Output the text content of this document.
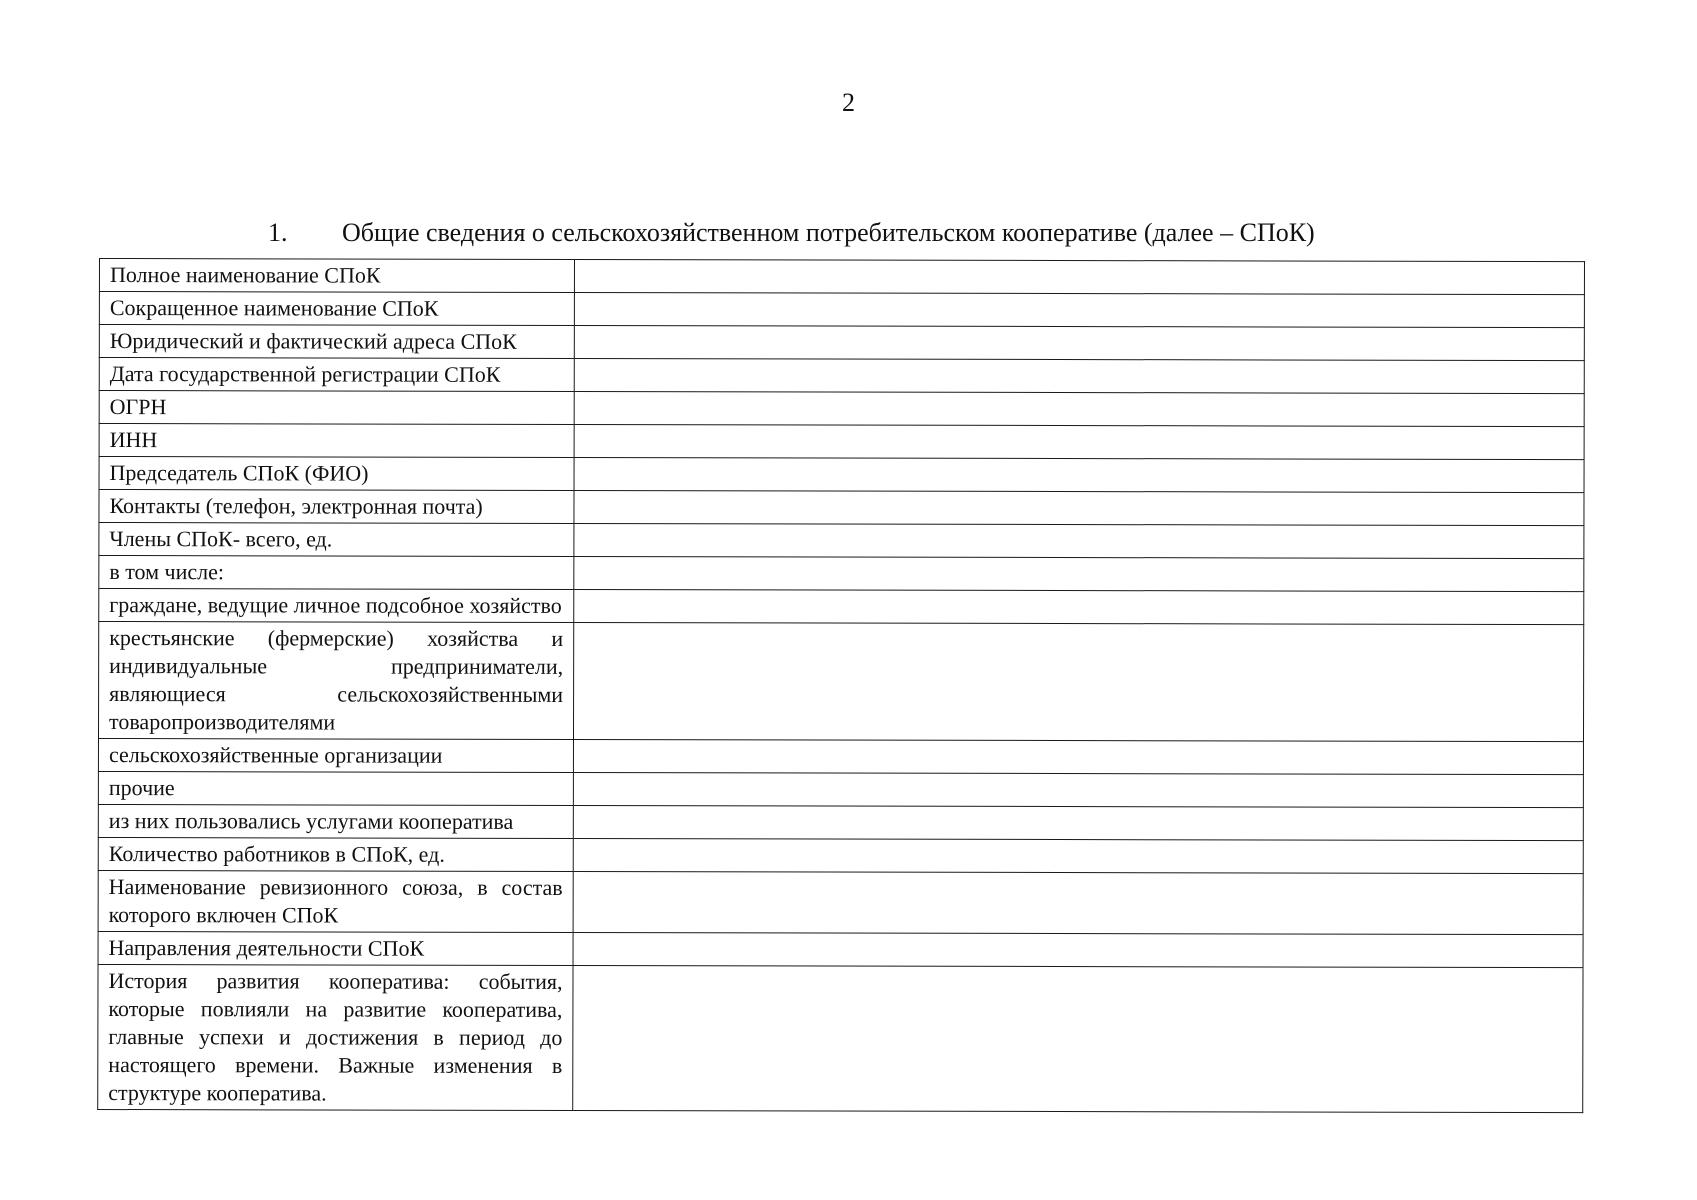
2
1. Общие сведения о сельскохозяйственном потребительском кооперативе (далее – СПоК)
Полное наименование СПоК	
Сокращенное наименование СПоК	
Юридический и фактический адреса СПоК	
Дата государственной регистрации СПоК	
ОГРН	
ИНН	
Председатель СПоК (ФИО)	
Контакты (телефон, электронная почта)	
Члены СПоК- всего, ед.	
в том числе:	
граждане, ведущие личное подсобное хозяйство	
крестьянские (фермерские) хозяйства и индивидуальные предприниматели, являющиеся сельскохозяйственными товаропроизводителями	
сельскохозяйственные организации	
прочие	
из них пользовались услугами кооператива	
Количество работников в СПоК, ед.	
Наименование ревизионного союза, в состав которого включен СПоК	
Направления деятельности СПоК	
История развития кооператива: события, которые повлияли на развитие кооператива, главные успехи и достижения в период до настоящего времени. Важные изменения в структуре кооператива.	
